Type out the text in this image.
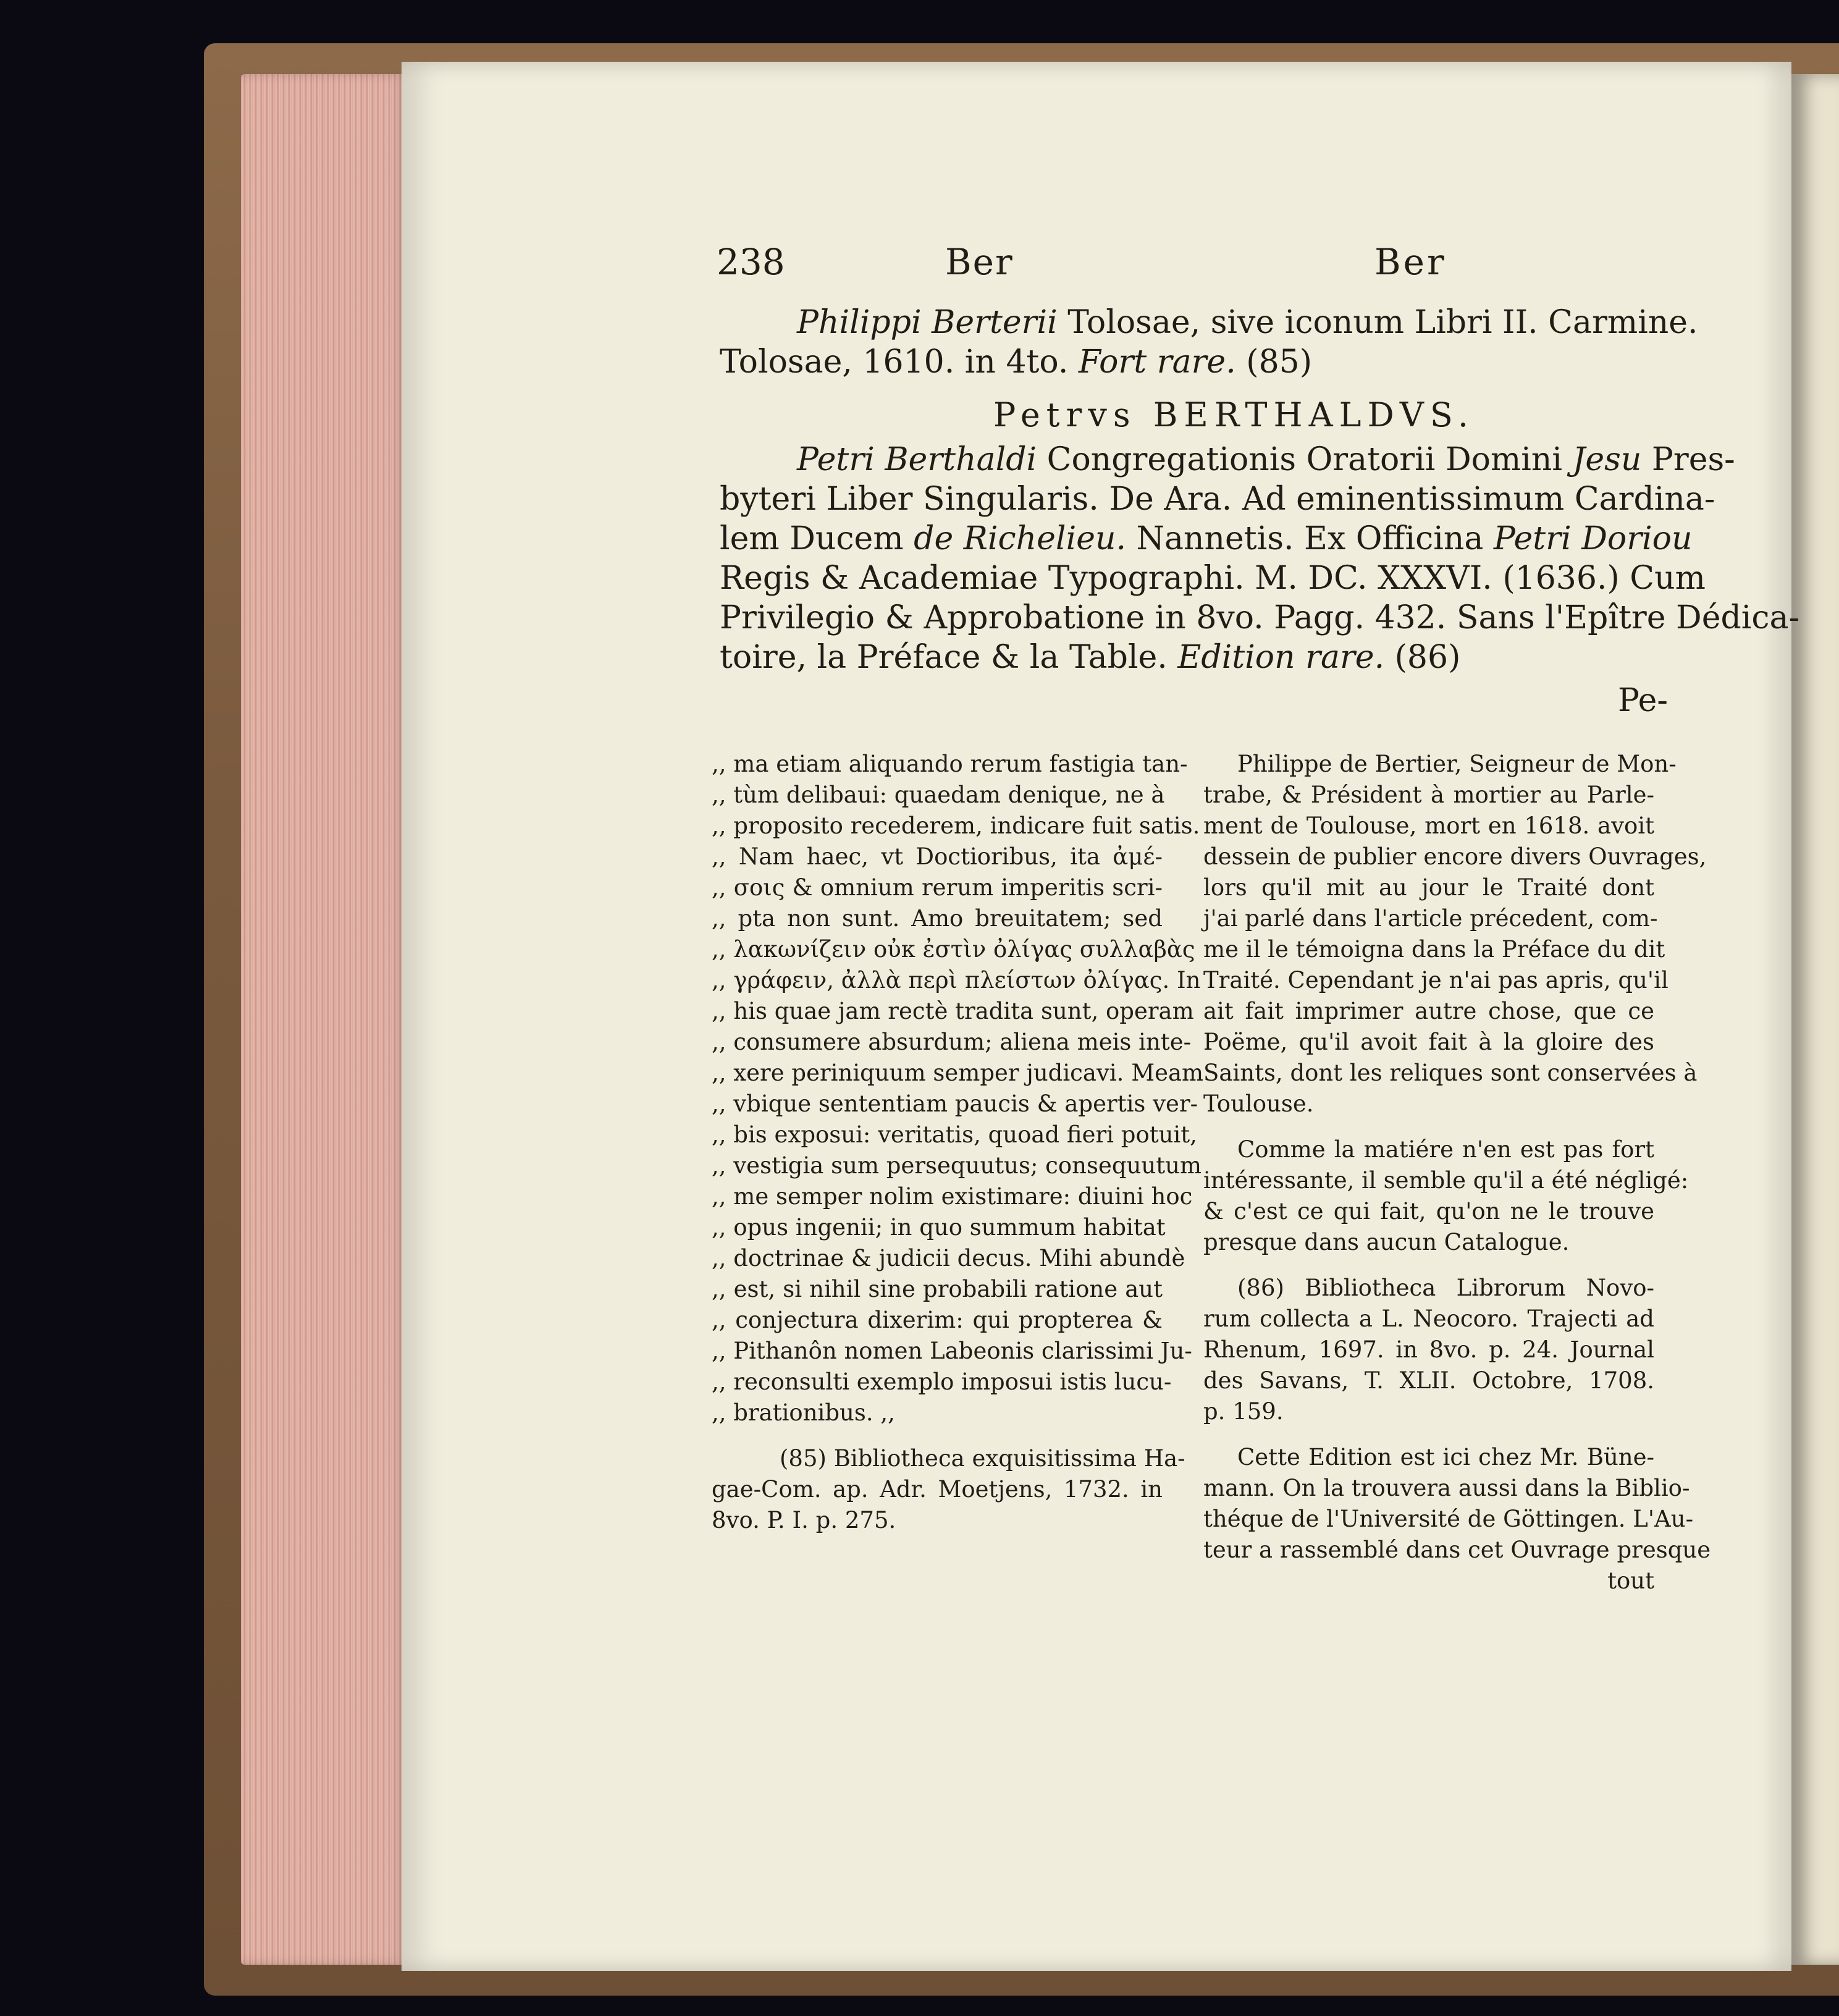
238	Ber	Ber
Philippi Berterii Tolosae, sive iconum Libri II. Carmine.
Tolosae, 1610. in 4to. Fort rare. (85)
Petrvs BERTHALDVS.
Petri Berthaldi Congregationis Oratorii Domini Jesu Pres-
byteri Liber Singularis. De Ara. Ad eminentissimum Cardina-
lem Ducem de Richelieu. Nannetis. Ex Officina Petri Doriou
Regis & Academiae Typographi. M. DC. XXXVI. (1636.) Cum
Privilegio & Approbatione in 8vo. Pagg. 432. Sans l'Epître Dédica-
toire, la Préface & la Table. Edition rare. (86)
Pe-
,, ma etiam aliquando rerum fastigia tan-
,, tùm delibaui: quaedam denique, ne à
,, proposito recederem, indicare fuit satis.
,, Nam haec, vt Doctioribus, ita ἀμέ-
,, σοις & omnium rerum imperitis scri-
,, pta non sunt. Amo breuitatem; sed
,, λακωνίζειν οὐκ ἐστὶν ὀλίγας συλλαβὰς
,, γράφειν, ἀλλὰ περὶ πλείστων ὀλίγας. In
,, his quae jam rectè tradita sunt, operam
,, consumere absurdum; aliena meis inte-
,, xere periniquum semper judicavi. Meam
,, vbique sententiam paucis & apertis ver-
,, bis exposui: veritatis, quoad fieri potuit,
,, vestigia sum persequutus; consequutum
,, me semper nolim existimare: diuini hoc
,, opus ingenii; in quo summum habitat
,, doctrinae & judicii decus. Mihi abundè
,, est, si nihil sine probabili ratione aut
,, conjectura dixerim: qui propterea &
,, Pithanôn nomen Labeonis clarissimi Ju-
,, reconsulti exemplo imposui istis lucu-
,, brationibus. ,,
(85) Bibliotheca exquisitissima Ha-
gae-Com. ap. Adr. Moetjens, 1732. in
8vo. P. I. p. 275.
Philippe de Bertier, Seigneur de Mon-
trabe, & Président à mortier au Parle-
ment de Toulouse, mort en 1618. avoit
dessein de publier encore divers Ouvrages,
lors qu'il mit au jour le Traité dont
j'ai parlé dans l'article précedent, com-
me il le témoigna dans la Préface du dit
Traité. Cependant je n'ai pas apris, qu'il
ait fait imprimer autre chose, que ce
Poëme, qu'il avoit fait à la gloire des
Saints, dont les reliques sont conservées à
Toulouse.
Comme la matiére n'en est pas fort
intéressante, il semble qu'il a été négligé:
& c'est ce qui fait, qu'on ne le trouve
presque dans aucun Catalogue.
(86) Bibliotheca Librorum Novo-
rum collecta a L. Neocoro. Trajecti ad
Rhenum, 1697. in 8vo. p. 24. Journal
des Savans, T. XLII. Octobre, 1708.
p. 159.
Cette Edition est ici chez Mr. Büne-
mann. On la trouvera aussi dans la Biblio-
théque de l'Université de Göttingen. L'Au-
teur a rassemblé dans cet Ouvrage presque
tout
